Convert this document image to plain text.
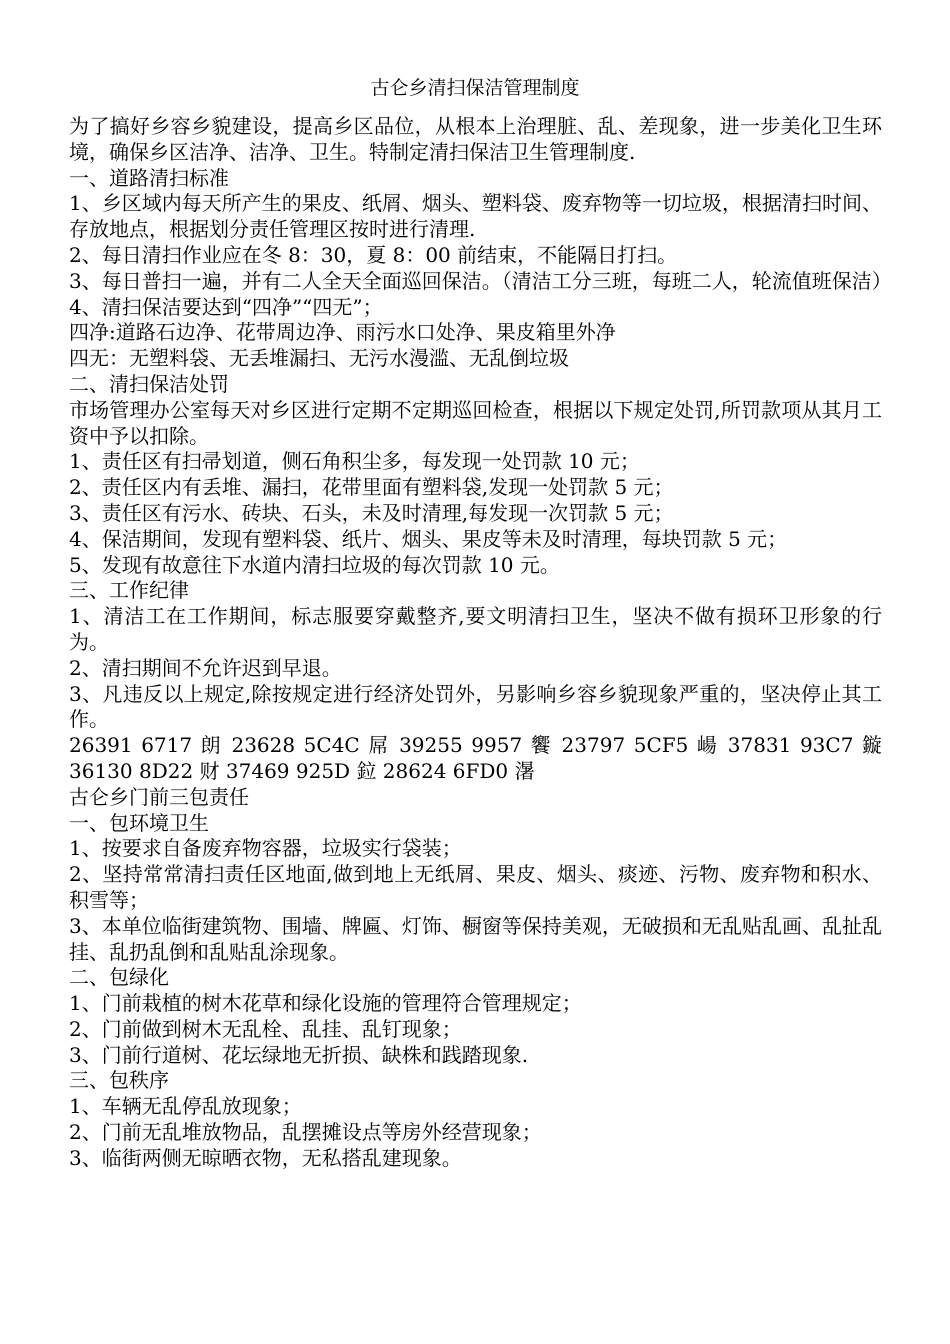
古仑乡清扫保洁管理制度
为了搞好乡容乡貌建设，提高乡区品位，从根本上治理脏、乱、差现象，进一步美化卫生环境，确保乡区洁净、洁净、卫生。特制定清扫保洁卫生管理制度.
一、道路清扫标准
1、乡区域内每天所产生的果皮、纸屑、烟头、塑料袋、废弃物等一切垃圾，根据清扫时间、存放地点，根据划分责任管理区按时进行清理.
2、每日清扫作业应在冬 8：30，夏 8：00 前结束，不能隔日打扫。
3、每日普扫一遍，并有二人全天全面巡回保洁。（清洁工分三班，每班二人，轮流值班保洁）
4、清扫保洁要达到“四净”“四无”；
四净:道路石边净、花带周边净、雨污水口处净、果皮箱里外净
四无：无塑料袋、无丢堆漏扫、无污水漫滥、无乱倒垃圾
二、清扫保洁处罚
市场管理办公室每天对乡区进行定期不定期巡回检查，根据以下规定处罚,所罚款项从其月工资中予以扣除。
1、责任区有扫帚划道，侧石角积尘多，每发现一处罚款 10 元；
2、责任区内有丢堆、漏扫，花带里面有塑料袋,发现一处罚款 5 元；
3、责任区有污水、砖块、石头，未及时清理,每发现一次罚款 5 元；
4、保洁期间，发现有塑料袋、纸片、烟头、果皮等未及时清理，每块罚款 5 元；
5、发现有故意往下水道内清扫垃圾的每次罚款 10 元。
三、工作纪律
1、清洁工在工作期间，标志服要穿戴整齐,要文明清扫卫生，坚决不做有损环卫形象的行为。
2、清扫期间不允许迟到早退。
3、凡违反以上规定,除按规定进行经济处罚外，另影响乡容乡貌现象严重的，坚决停止其工作。
26391 6717 朗 23628 5C4C 屌 39255 9957 饗 23797 5CF5 崵 37831 93C7 鏇 36130 8D22 财 37469 925D 鉝 28624 6FD0 濐
古仑乡门前三包责任
一、包环境卫生
1、按要求自备废弃物容器，垃圾实行袋装；
2、坚持常常清扫责任区地面,做到地上无纸屑、果皮、烟头、痰迹、污物、废弃物和积水、积雪等；
3、本单位临街建筑物、围墙、牌匾、灯饰、橱窗等保持美观，无破损和无乱贴乱画、乱扯乱挂、乱扔乱倒和乱贴乱涂现象。
二、包绿化
1、门前栽植的树木花草和绿化设施的管理符合管理规定；
2、门前做到树木无乱栓、乱挂、乱钉现象；
3、门前行道树、花坛绿地无折损、缺株和践踏现象.
三、包秩序
1、车辆无乱停乱放现象；
2、门前无乱堆放物品，乱摆摊设点等房外经营现象；
3、临街两侧无晾晒衣物，无私搭乱建现象。
